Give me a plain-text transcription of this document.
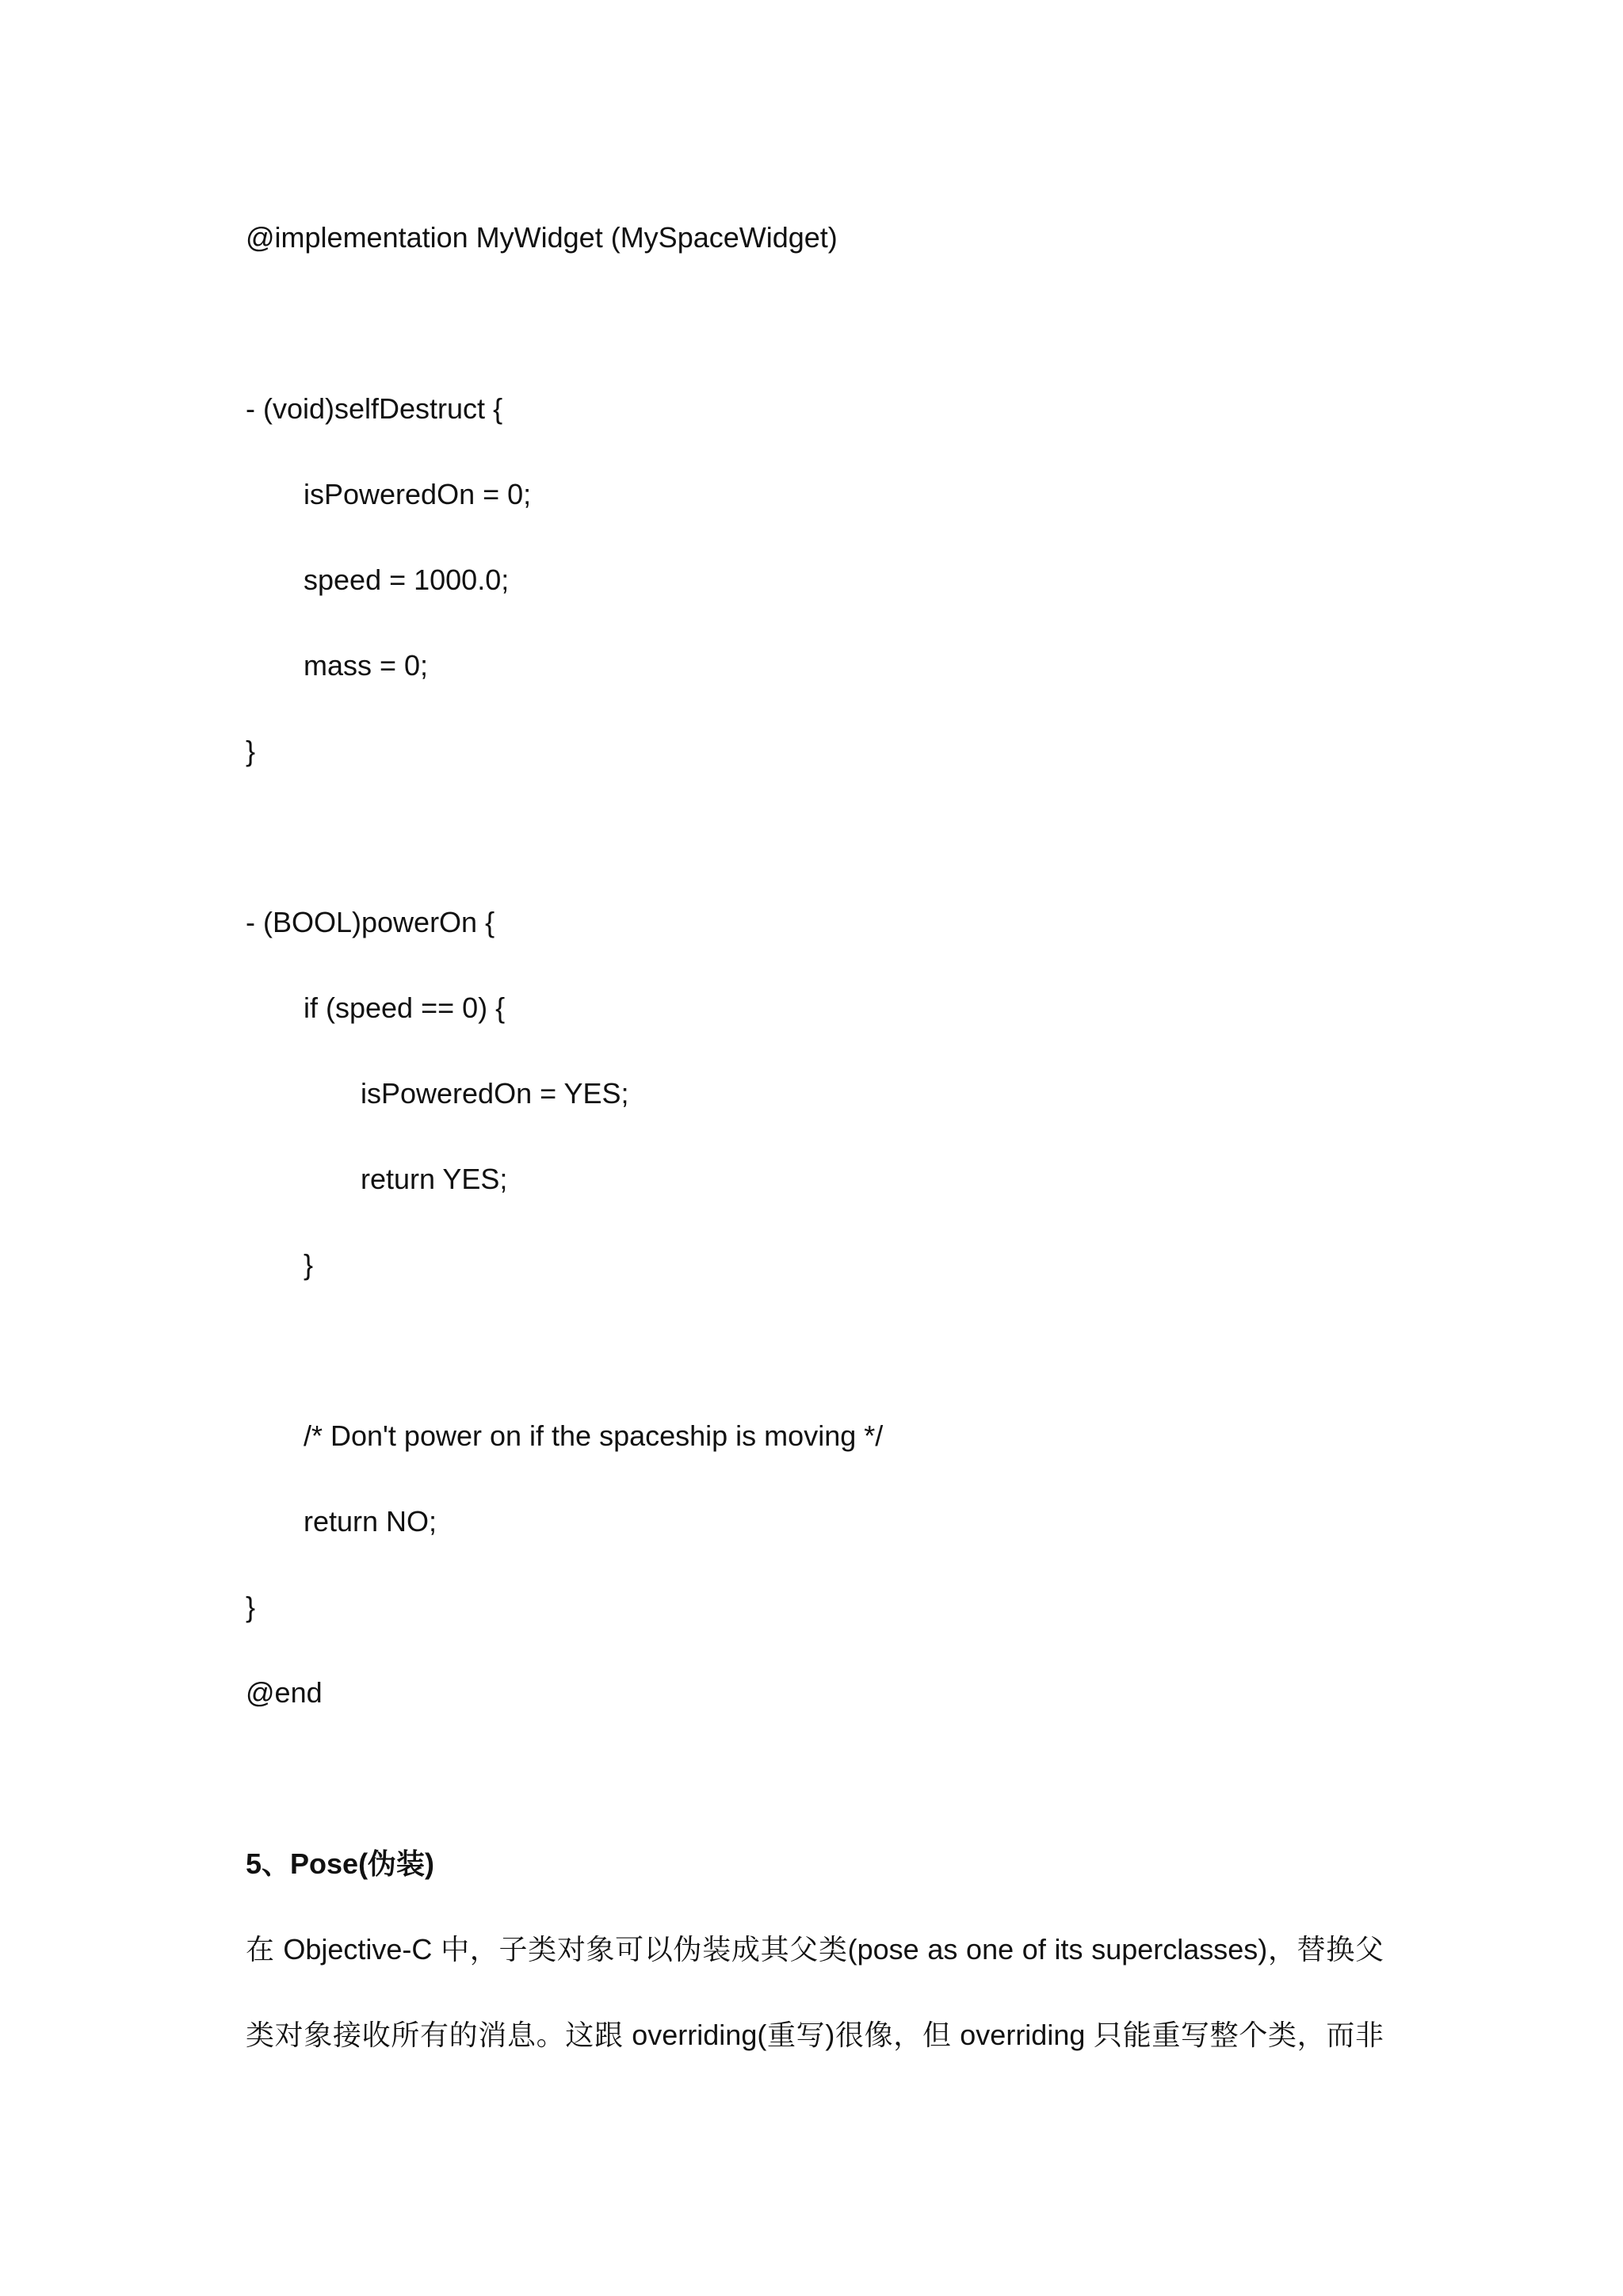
@implementation MyWidget (MySpaceWidget)
- (void)selfDestruct {
isPoweredOn = 0;
speed = 1000.0;
mass = 0;
}
- (BOOL)powerOn {
if (speed == 0) {
isPoweredOn = YES;
return YES;
}
/* Don't power on if the spaceship is moving */
return NO;
}
@end
5、Pose(伪装)
在 Objective-C 中，子类对象可以伪装成其父类(pose as one of its superclasses)，替换父
类对象接收所有的消息。这跟 overriding(重写)很像，但 overriding 只能重写整个类，而非
